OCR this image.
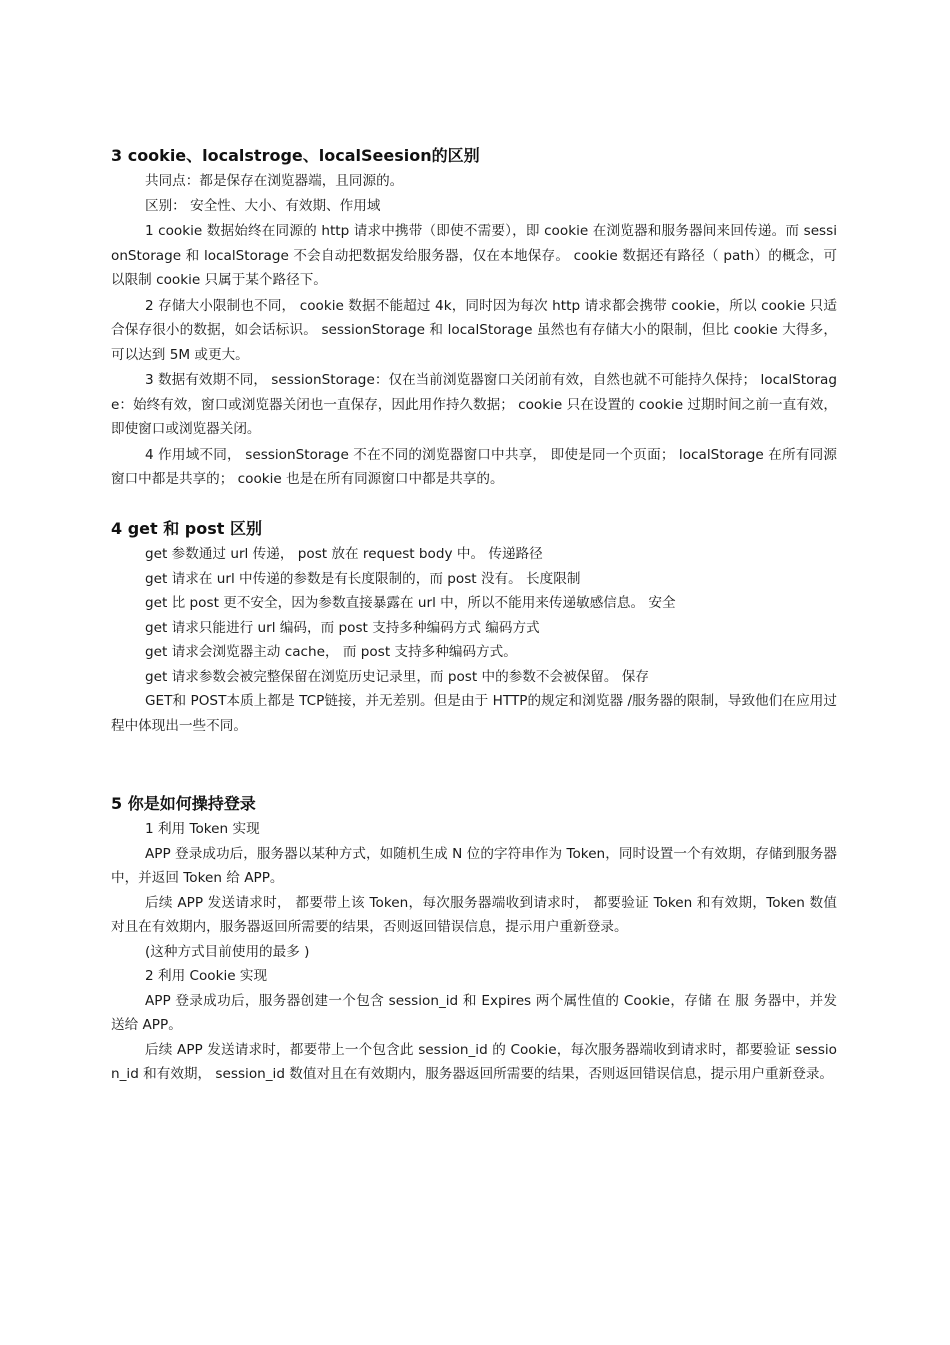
3 cookie、localstroge、localSeesion的区别

共同点：都是保存在浏览器端，且同源的。

区别： 安全性、大小、有效期、作用域

1 cookie 数据始终在同源的 http 请求中携带（即使不需要），即 cookie 在浏览器和服务器间来回传递。而 sessionStorage 和 localStorage 不会自动把数据发给服务器，仅在本地保存。 cookie 数据还有路径（ path）的概念，可以限制 cookie 只属于某个路径下。

2 存储大小限制也不同， cookie 数据不能超过 4k，同时因为每次 http 请求都会携带 cookie，所以 cookie 只适合保存很小的数据，如会话标识。 sessionStorage 和 localStorage 虽然也有存储大小的限制，但比 cookie 大得多，可以达到 5M 或更大。

3 数据有效期不同， sessionStorage：仅在当前浏览器窗口关闭前有效，自然也就不可能持久保持； localStorage：始终有效，窗口或浏览器关闭也一直保存，因此用作持久数据； cookie 只在设置的 cookie 过期时间之前一直有效，即使窗口或浏览器关闭。

4 作用域不同， sessionStorage 不在不同的浏览器窗口中共享， 即使是同一个页面； localStorage 在所有同源窗口中都是共享的； cookie 也是在所有同源窗口中都是共享的。

4 get 和 post 区别

get 参数通过 url 传递， post 放在 request body 中。 传递路径

get 请求在 url 中传递的参数是有长度限制的，而 post 没有。 长度限制

get 比 post 更不安全，因为参数直接暴露在 url 中，所以不能用来传递敏感信息。 安全

get 请求只能进行 url 编码，而 post 支持多种编码方式 编码方式

get 请求会浏览器主动 cache， 而 post 支持多种编码方式。

get 请求参数会被完整保留在浏览历史记录里，而 post 中的参数不会被保留。 保存

GET和 POST本质上都是 TCP链接，并无差别。但是由于 HTTP的规定和浏览器 /服务器的限制，导致他们在应用过程中体现出一些不同。

5 你是如何操持登录

1 利用 Token 实现

APP 登录成功后，服务器以某种方式，如随机生成 N 位的字符串作为 Token，同时设置一个有效期，存储到服务器中，并返回 Token 给 APP。

后续 APP 发送请求时， 都要带上该 Token，每次服务器端收到请求时， 都要验证 Token 和有效期，Token 数值对且在有效期内，服务器返回所需要的结果，否则返回错误信息，提示用户重新登录。

(这种方式目前使用的最多 )

2 利用 Cookie 实现

APP 登录成功后，服务器创建一个包含 session_id 和 Expires 两个属性值的 Cookie，存储 在 服 务器中，并发送给 APP。

后续 APP 发送请求时，都要带上一个包含此 session_id 的 Cookie，每次服务器端收到请求时，都要验证 session_id 和有效期， session_id 数值对且在有效期内，服务器返回所需要的结果，否则返回错误信息，提示用户重新登录。
